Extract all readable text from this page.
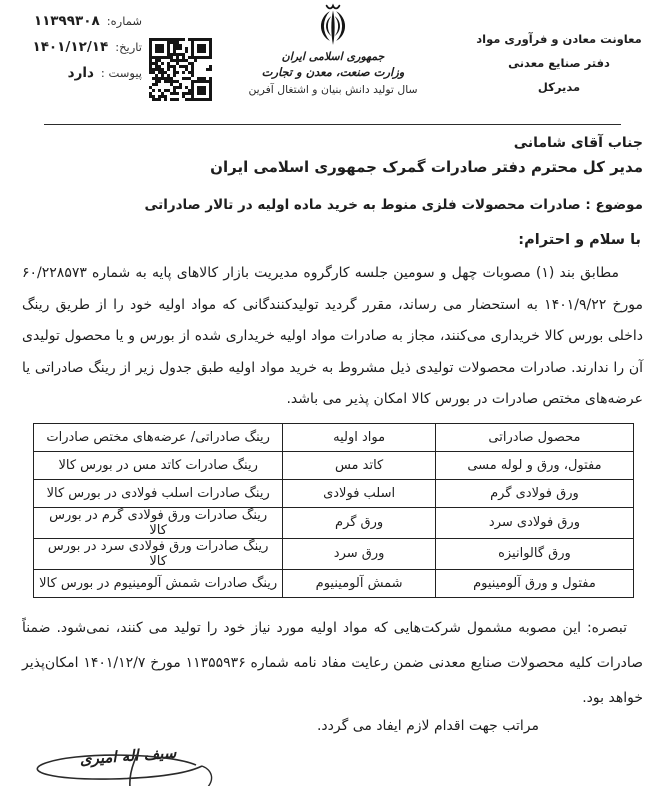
معاونت معادن و فرآوری مواد
دفتر صنایع معدنی
مدیرکل
جمهوری اسلامی ایران
وزارت صنعت، معدن و تجارت
سال تولید دانش بنیان و اشتغال آفرین
شماره:
۱۱۳۹۹۳۰۸
تاریخ:
۱۴۰۱/۱۲/۱۴
پیوست :
دارد

جناب آقای شامانی

مدیر کل محترم دفتر صادرات گمرک جمهوری اسلامی ایران

موضوع : صادرات محصولات فلزی منوط به خرید ماده اولیه در تالار صادراتی

با سلام و احترام:

مطابق بند (۱) مصوبات چهل و سومین جلسه کارگروه مدیریت بازار کالاهای پایه به شماره ۶۰/۲۲۸۵۷۳ مورخ ۱۴۰۱/۹/۲۲ به استحضار می رساند، مقرر گردید تولیدکنندگانی که مواد اولیه خود را از طریق رینگ داخلی بورس کالا خریداری می‌کنند، مجاز به صادرات مواد اولیه خریداری شده از بورس و یا محصول تولیدی آن را ندارند. صادرات محصولات تولیدی ذیل مشروط به خرید مواد اولیه طبق جدول زیر از رینگ صادراتی یا عرضه‌های مختص صادرات در بورس کالا امکان پذیر می باشد.

محصول صادراتی	مواد اولیه	رینگ صادراتی/ عرضه‌های مختص صادرات
مفتول، ورق و لوله مسی	کاتد مس	رینگ صادرات کاتد مس در بورس کالا
ورق فولادی گرم	اسلب فولادی	رینگ صادرات اسلب فولادی در بورس کالا
ورق فولادی سرد	ورق گرم	رینگ صادرات ورق فولادی گرم در بورس کالا
ورق گالوانیزه	ورق سرد	رینگ صادرات ورق فولادی سرد در بورس کالا
مفتول و ورق آلومینیوم	شمش آلومینیوم	رینگ صادرات شمش آلومینیوم در بورس کالا

تبصره: این مصوبه مشمول شرکت‌هایی که مواد اولیه مورد نیاز خود را تولید می کنند، نمی‌شود. ضمناً صادرات کلیه محصولات صنایع معدنی ضمن رعایت مفاد نامه شماره ۱۱۳۵۵۹۳۶ مورخ ۱۴۰۱/۱۲/۷ امکان‌پذیر خواهد بود.

مراتب جهت اقدام لازم ایفاد می گردد.

سیف اله امیری
